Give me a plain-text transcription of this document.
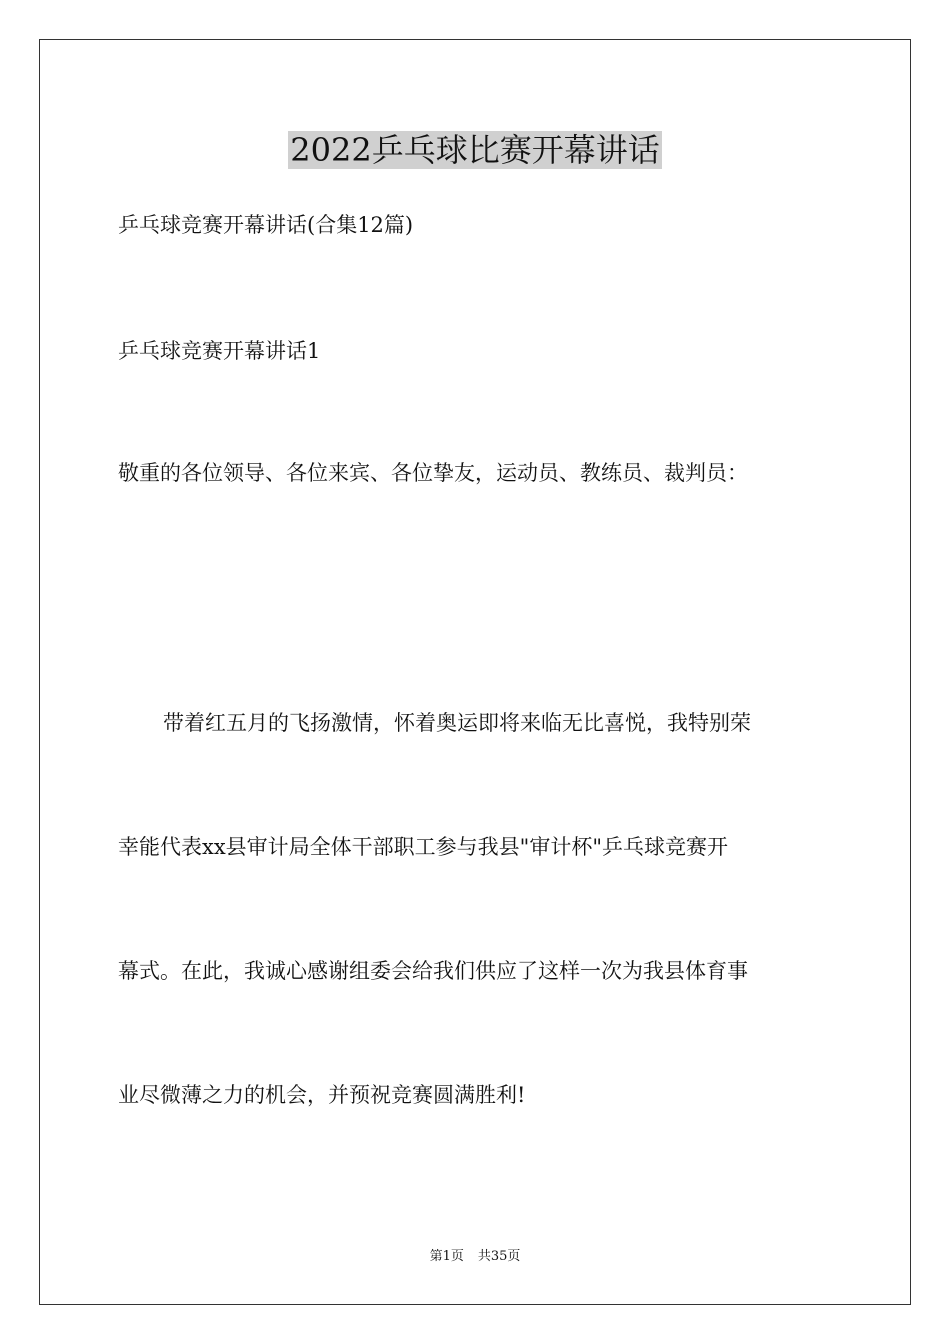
2022乒乓球比赛开幕讲话

乒乓球竞赛开幕讲话(合集12篇)

乒乓球竞赛开幕讲话1

敬重的各位领导、各位来宾、各位挚友，运动员、教练员、裁判员：

带着红五月的飞扬激情，怀着奥运即将来临无比喜悦，我特别荣

幸能代表xx县审计局全体干部职工参与我县"审计杯"乒乓球竞赛开

幕式。在此，我诚心感谢组委会给我们供应了这样一次为我县体育事

业尽微薄之力的机会，并预祝竞赛圆满胜利!

第1页 共35页
